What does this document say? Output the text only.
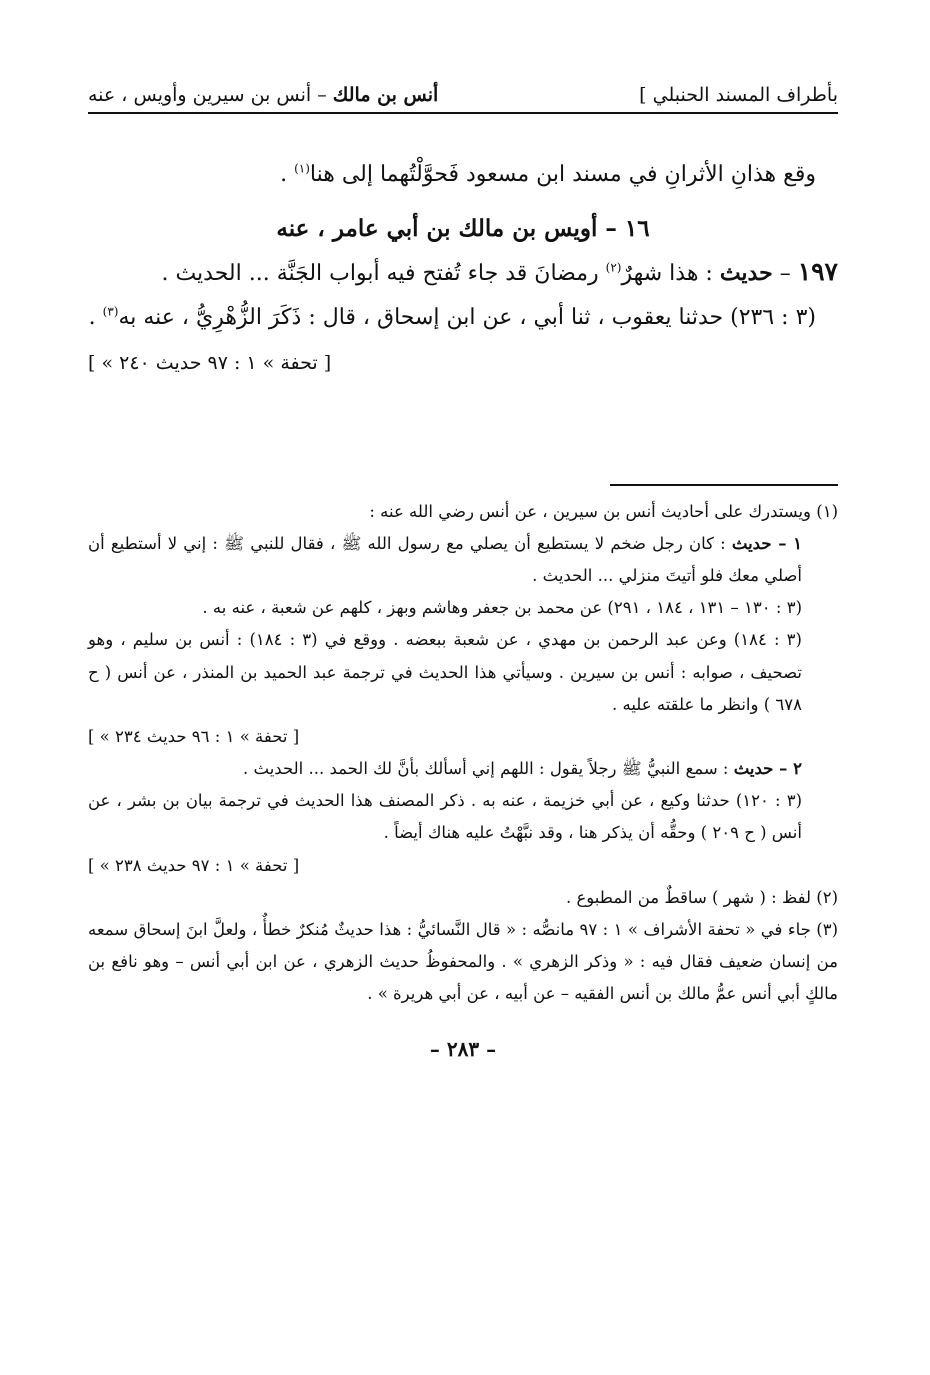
بأطراف المسند الحنبلي ]
أنس بن مالك – أنس بن سيرين وأويس ، عنه
وقع هذانِ الأثرانِ في مسند ابن مسعود فَحوَّلْتُهما إلى هنا$^{(١)}$ .
١٦ – أويس بن مالك بن أبي عامر ، عنه
١٩٧ – حديث : هذا شهرٌ$^{(٢)}$ رمضانَ قد جاء تُفتح فيه أبواب الجَنَّة ... الحديث .
(٣ : ٢٣٦) حدثنا يعقوب ، ثنا أبي ، عن ابن إسحاق ، قال : ذَكَرَ الزُّهْرِيُّ ، عنه به$^{(٣)}$ .
[ « تحفة » ١ : ٩٧ حديث ٢٤٠ ]

(١) ويستدرك على أحاديث أنس بن سيرين ، عن أنس رضي الله عنه :

١ – حديث : كان رجل ضخم لا يستطيع أن يصلي مع رسول الله ﷺ ، فقال للنبي ﷺ : إني لا أستطيع أن أصلي معك فلو أتيتَ منزلي ... الحديث .

(٣ : ١٣٠ – ١٣١ ، ١٨٤ ، ٢٩١) عن محمد بن جعفر وهاشم وبهز ، كلهم عن شعبة ، عنه به .

(٣ : ١٨٤) وعن عبد الرحمن بن مهدي ، عن شعبة ببعضه . ووقع في (٣ : ١٨٤) : أنس بن سليم ، وهو تصحيف ، صوابه : أنس بن سيرين . وسيأتي هذا الحديث في ترجمة عبد الحميد بن المنذر ، عن أنس ( ح ٦٧٨ ) وانظر ما علقته عليه .

[ « تحفة » ١ : ٩٦ حديث ٢٣٤ ]

٢ – حديث : سمع النبيُّ ﷺ رجلاً يقول : اللهم إني أسألك بأنَّ لك الحمد ... الحديث .

(٣ : ١٢٠) حدثنا وكيع ، عن أبي خزيمة ، عنه به . ذكر المصنف هذا الحديث في ترجمة بيان بن بشر ، عن أنس ( ح ٢٠٩ ) وحقُّه أن يذكر هنا ، وقد نبَّهْتُ عليه هناك أيضاً .

[ « تحفة » ١ : ٩٧ حديث ٢٣٨ ]

(٢) لفظ : ( شهر ) ساقطٌ من المطبوع .

(٣) جاء في « تحفة الأشراف » ١ : ٩٧ مانصُّه : « قال النَّسائيُّ : هذا حديثٌ مُنكرٌ خطأٌ ، ولعلَّ ابنَ إسحاق سمعه من إنسان ضعيف فقال فيه : « وذكر الزهري » . والمحفوظُ حديث الزهري ، عن ابن أبي أنس – وهو نافع بن مالكٍ أبي أنس عمُّ مالك بن أنس الفقيه – عن أبيه ، عن أبي هريرة » .

– ٢٨٣ –
